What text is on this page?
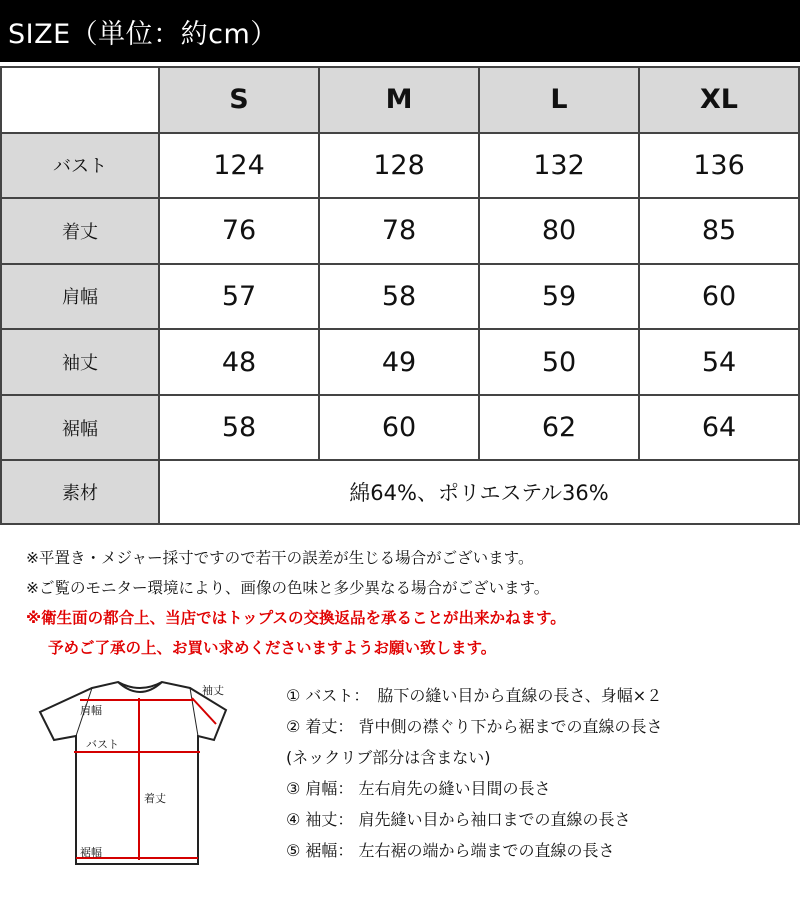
SIZE（単位：約cm）
	S	M	L	XL
バスト	124	128	132	136
着丈	76	78	80	85
肩幅	57	58	59	60
袖丈	48	49	50	54
裾幅	58	60	62	64
素材	綿64%、ポリエステル36%			
※平置き・メジャー採寸ですので若干の誤差が生じる場合がございます。
※ご覧のモニター環境により、画像の色味と多少異なる場合がございます。
※衛生面の都合上、当店ではトップスの交換返品を承ることが出来かねます。
予めご了承の上、お買い求めくださいますようお願い致します。
肩幅
袖丈
バスト
着丈
裾幅
① バスト：　脇下の縫い目から直線の長さ、身幅×２
② 着丈： 背中側の襟ぐり下から裾までの直線の長さ
(ネックリブ部分は含まない)
③ 肩幅： 左右肩先の縫い目間の長さ
④ 袖丈： 肩先縫い目から袖口までの直線の長さ
⑤ 裾幅： 左右裾の端から端までの直線の長さ
